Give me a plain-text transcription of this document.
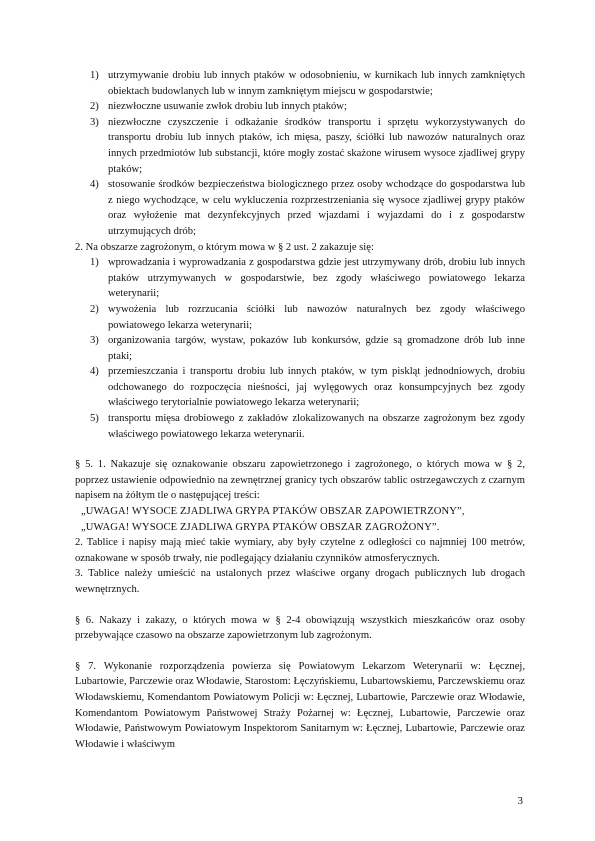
1) utrzymywanie drobiu lub innych ptaków w odosobnieniu, w kurnikach lub innych zamkniętych obiektach budowlanych lub w innym zamkniętym miejscu w gospodarstwie;
2) niezwłoczne usuwanie zwłok drobiu lub innych ptaków;
3) niezwłoczne czyszczenie i odkażanie środków transportu i sprzętu wykorzystywanych do transportu drobiu lub innych ptaków, ich mięsa, paszy, ściółki lub nawozów naturalnych oraz innych przedmiotów lub substancji, które mogły zostać skażone wirusem wysoce zjadliwej grypy ptaków;
4) stosowanie środków bezpieczeństwa biologicznego przez osoby wchodzące do gospodarstwa lub z niego wychodzące, w celu wykluczenia rozprzestrzeniania się wysoce zjadliwej grypy ptaków oraz wyłożenie mat dezynfekcyjnych przed wjazdami i wyjazdami do i z gospodarstw utrzymujących drób;

2. Na obszarze zagrożonym, o którym mowa w § 2 ust. 2 zakazuje się:

1) wprowadzania i wyprowadzania z gospodarstwa gdzie jest utrzymywany drób, drobiu lub innych ptaków utrzymywanych w gospodarstwie, bez zgody właściwego powiatowego lekarza weterynarii;
2) wywożenia lub rozrzucania ściółki lub nawozów naturalnych bez zgody właściwego powiatowego lekarza weterynarii;
3) organizowania targów, wystaw, pokazów lub konkursów, gdzie są gromadzone drób lub inne ptaki;
4) przemieszczania i transportu drobiu lub innych ptaków, w tym piskląt jednodniowych, drobiu odchowanego do rozpoczęcia nieśności, jaj wylęgowych oraz konsumpcyjnych bez zgody właściwego terytorialnie powiatowego lekarza weterynarii;
5) transportu mięsa drobiowego z zakładów zlokalizowanych na obszarze zagrożonym bez zgody właściwego powiatowego lekarza weterynarii.

§ 5. 1. Nakazuje się oznakowanie obszaru zapowietrzonego i zagrożonego, o których mowa w § 2, poprzez ustawienie odpowiednio na zewnętrznej granicy tych obszarów tablic ostrzegawczych z czarnym napisem na żółtym tle o następującej treści:

„UWAGA! WYSOCE ZJADLIWA GRYPA PTAKÓW OBSZAR ZAPOWIETRZONY”,

„UWAGA! WYSOCE ZJADLIWA GRYPA PTAKÓW OBSZAR ZAGROŻONY”.

2. Tablice i napisy mają mieć takie wymiary, aby były czytelne z odległości co najmniej 100 metrów, oznakowane w sposób trwały, nie podlegający działaniu czynników atmosferycznych.

3. Tablice należy umieścić na ustalonych przez właściwe organy drogach publicznych lub drogach wewnętrznych.

§ 6. Nakazy i zakazy, o których mowa w § 2-4 obowiązują wszystkich mieszkańców oraz osoby przebywające czasowo na obszarze zapowietrzonym lub zagrożonym.

§ 7. Wykonanie rozporządzenia powierza się Powiatowym Lekarzom Weterynarii w: Łęcznej, Lubartowie, Parczewie oraz Włodawie, Starostom: Łęczyńskiemu, Lubartowskiemu, Parczewskiemu oraz Włodawskiemu, Komendantom Powiatowym Policji w: Łęcznej, Lubartowie, Parczewie oraz Włodawie, Komendantom Powiatowym Państwowej Straży Pożarnej w: Łęcznej, Lubartowie, Parczewie oraz Włodawie, Państwowym Powiatowym Inspektorom Sanitarnym w: Łęcznej, Lubartowie, Parczewie oraz Włodawie i właściwym

3
